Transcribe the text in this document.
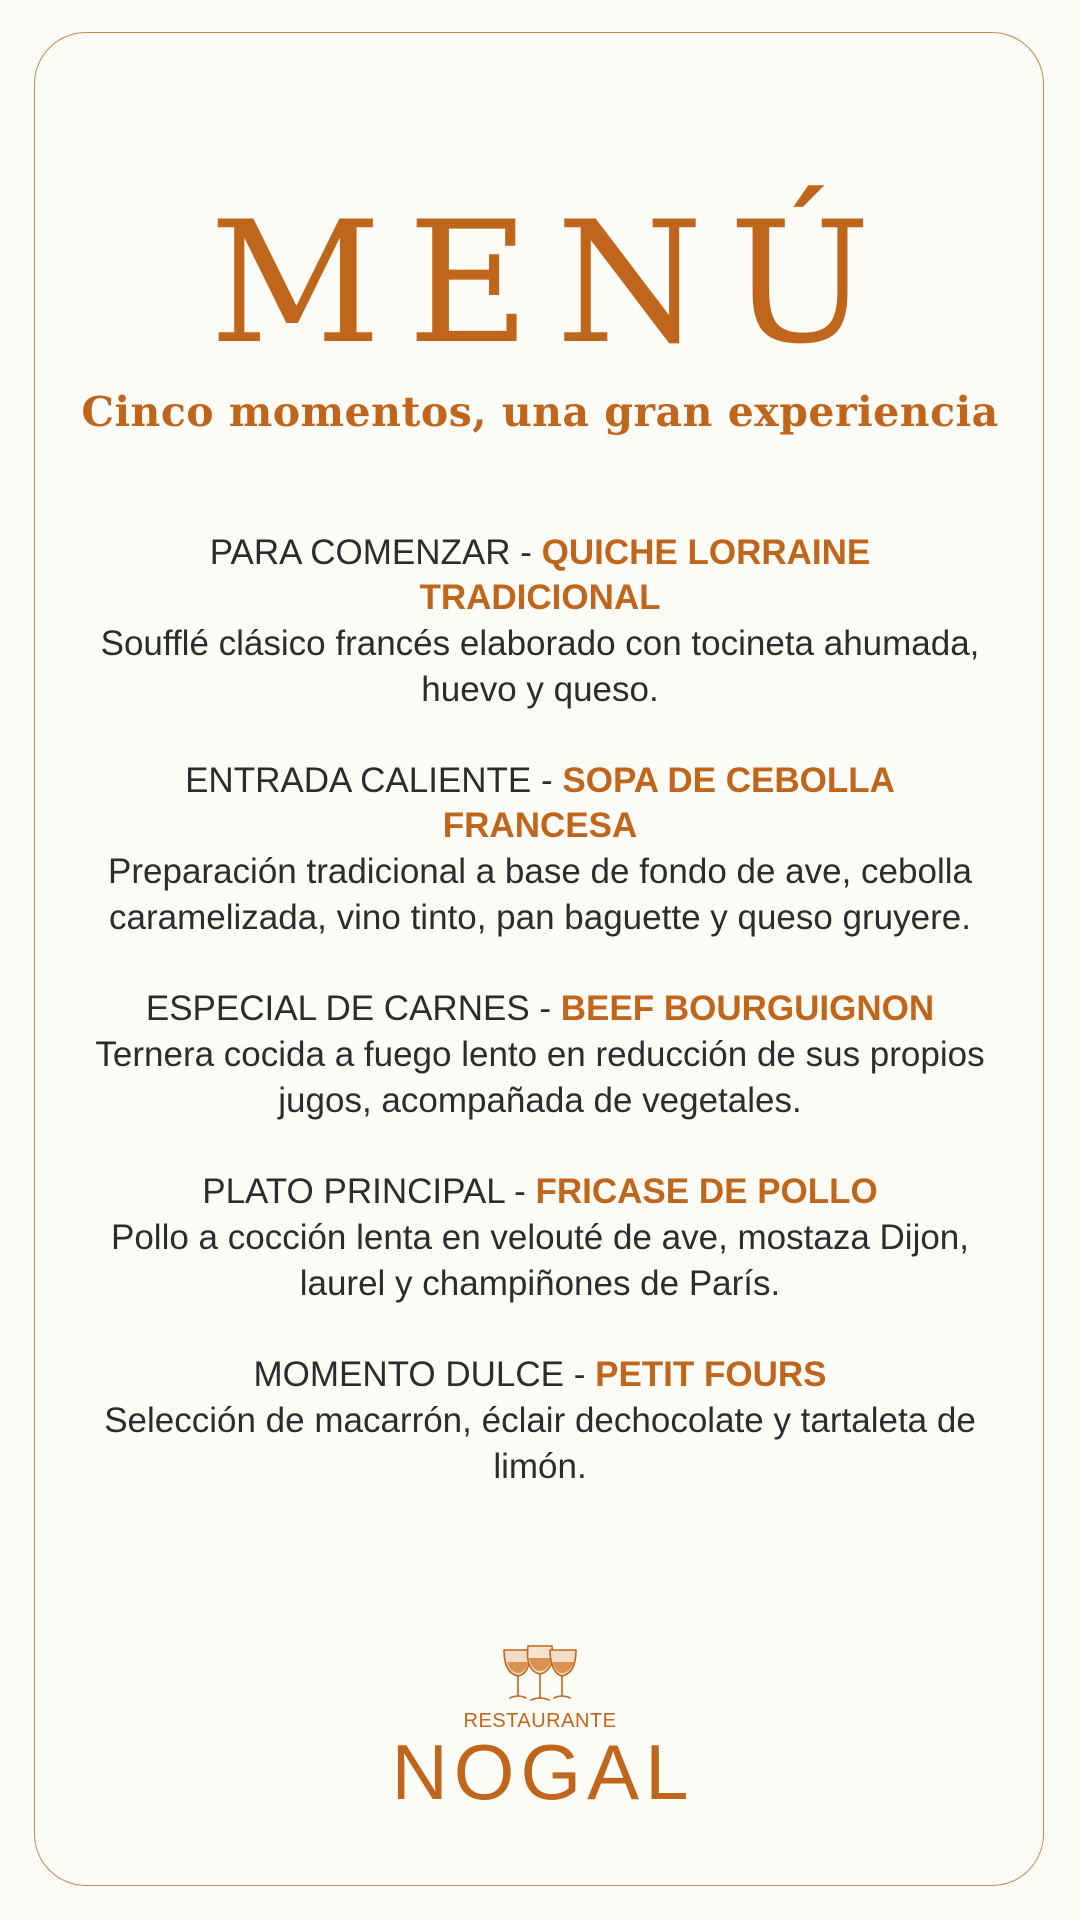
MENÚ
Cinco momentos, una gran experiencia

PARA COMENZAR - QUICHE LORRAINE TRADICIONAL

Soufflé clásico francés elaborado con tocineta ahumada, huevo y queso.

ENTRADA CALIENTE - SOPA DE CEBOLLA FRANCESA

Preparación tradicional a base de fondo de ave, cebolla caramelizada, vino tinto, pan baguette y queso gruyere.

ESPECIAL DE CARNES - BEEF BOURGUIGNON

Ternera cocida a fuego lento en reducción de sus propios jugos, acompañada de vegetales.

PLATO PRINCIPAL - FRICASE DE POLLO

Pollo a cocción lenta en velouté de ave, mostaza Dijon, laurel y champiñones de París.

MOMENTO DULCE - PETIT FOURS

Selección de macarrón, éclair dechocolate y tartaleta de limón.

RESTAURANTE
NOGAL
